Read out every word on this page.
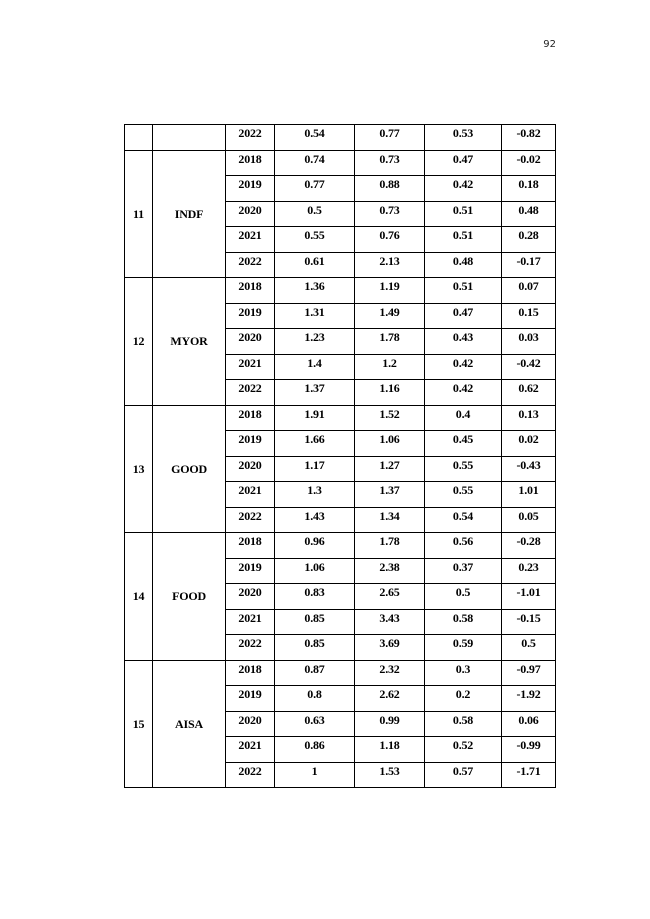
92
		2022	0.54	0.77	0.53	-0.82
11	INDF	2018	0.74	0.73	0.47	-0.02
		2019	0.77	0.88	0.42	0.18
		2020	0.5	0.73	0.51	0.48
		2021	0.55	0.76	0.51	0.28
		2022	0.61	2.13	0.48	-0.17
12	MYOR	2018	1.36	1.19	0.51	0.07
		2019	1.31	1.49	0.47	0.15
		2020	1.23	1.78	0.43	0.03
		2021	1.4	1.2	0.42	-0.42
		2022	1.37	1.16	0.42	0.62
13	GOOD	2018	1.91	1.52	0.4	0.13
		2019	1.66	1.06	0.45	0.02
		2020	1.17	1.27	0.55	-0.43
		2021	1.3	1.37	0.55	1.01
		2022	1.43	1.34	0.54	0.05
14	FOOD	2018	0.96	1.78	0.56	-0.28
		2019	1.06	2.38	0.37	0.23
		2020	0.83	2.65	0.5	-1.01
		2021	0.85	3.43	0.58	-0.15
		2022	0.85	3.69	0.59	0.5
15	AISA	2018	0.87	2.32	0.3	-0.97
		2019	0.8	2.62	0.2	-1.92
		2020	0.63	0.99	0.58	0.06
		2021	0.86	1.18	0.52	-0.99
		2022	1	1.53	0.57	-1.71
